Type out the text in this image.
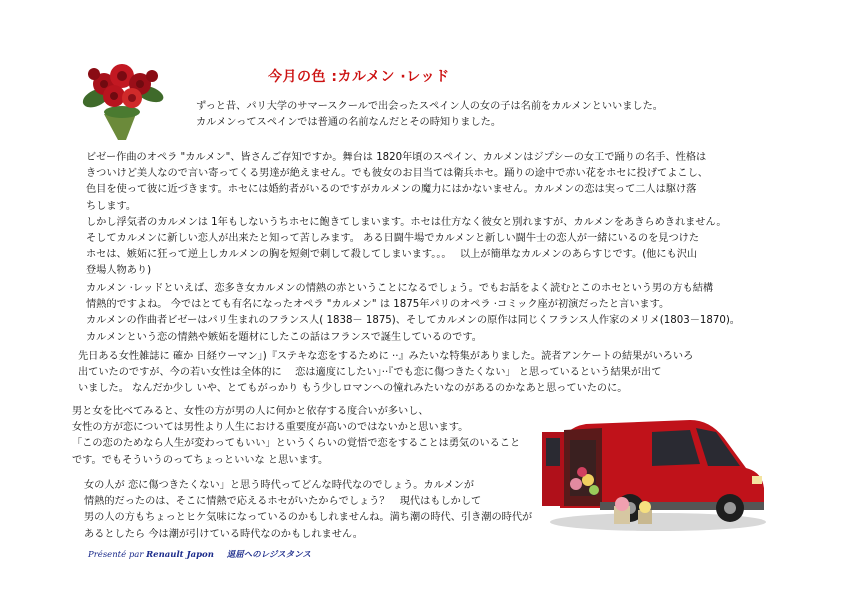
今月の色 :カルメン ·レッド
ずっと昔、パリ大学のサマースクールで出会ったスペイン人の女の子は名前をカルメンといいました。
カルメンってスペインでは普通の名前なんだとその時知りました。
ビゼー作曲のオペラ "カルメン"、皆さんご存知ですか。舞台は 1820年頃のスペイン、カルメンはジプシーの女工で踊りの名手、性格は
きついけど美人なので言い寄ってくる男達が絶えません。でも彼女のお目当ては衛兵ホセ。踊りの途中で赤い花をホセに投げてよこし、
色目を使って彼に近づきます。ホセには婚約者がいるのですがカルメンの魔力にはかないません。カルメンの恋は実って二人は駆け落
ちします。
しかし浮気者のカルメンは 1年もしないうちホセに飽きてしまいます。ホセは仕方なく彼女と別れますが、カルメンをあきらめきれません。
そしてカルメンに新しい恋人が出来たと知って苦しみます。 ある日闘牛場でカルメンと新しい闘牛士の恋人が一緒にいるのを見つけた
ホセは、嫉妬に狂って逆上しカルメンの胸を短剣で刺して殺してしまいます。。。　 以上が簡単なカルメンのあらすじです。(他にも沢山
登場人物あり)
カルメン ·レッドといえば、恋多き女カルメンの情熱の赤ということになるでしょう。でもお話をよく読むとこのホセという男の方も結構
情熱的ですよね。 今ではとても有名になったオペラ "カルメン" は 1875年パリのオペラ ·コミック座が初演だったと言います。
カルメンの作曲者ビゼーはパリ生まれのフランス人( 1838－ 1875)、そしてカルメンの原作は同じくフランス人作家のメリメ(1803－1870)。
カルメンという恋の情熱や嫉妬を題材にしたこの話はフランスで誕生しているのです。
先日ある女性雑誌に 確か 日経ウーマン」)『ステキな恋をするために ··』みたいな特集がありました。読者アンケートの結果がいろいろ
出ていたのですが、今の若い女性は全体的に 　恋は適度にしたい」··『でも恋に傷つきたくない」 と思っているという結果が出て
いました。 なんだか少し いや、とてもがっかり もう少しロマンへの憧れみたいなのがあるのかなあと思っていたのに。
男と女を比べてみると、女性の方が男の人に何かと依存する度合いが多いし、
女性の方が恋については男性より人生における重要度が高いのではないかと思います。
「この恋のためなら人生が変わってもいい」というくらいの覚悟で恋をすることは勇気のいること
です。でもそういうのってちょっといいな と思います。
女の人が 恋に傷つきたくない」と思う時代ってどんな時代なのでしょう。カルメンが
情熱的だったのは、そこに情熱で応えるホセがいたからでしょう？　現代はもしかして
男の人の方もちょっとヒケ気味になっているのかもしれませんね。満ち潮の時代、引き潮の時代が
あるとしたら 今は潮が引けている時代なのかもしれません。
Présenté par Renault Japon 退屈へのレジスタンス
